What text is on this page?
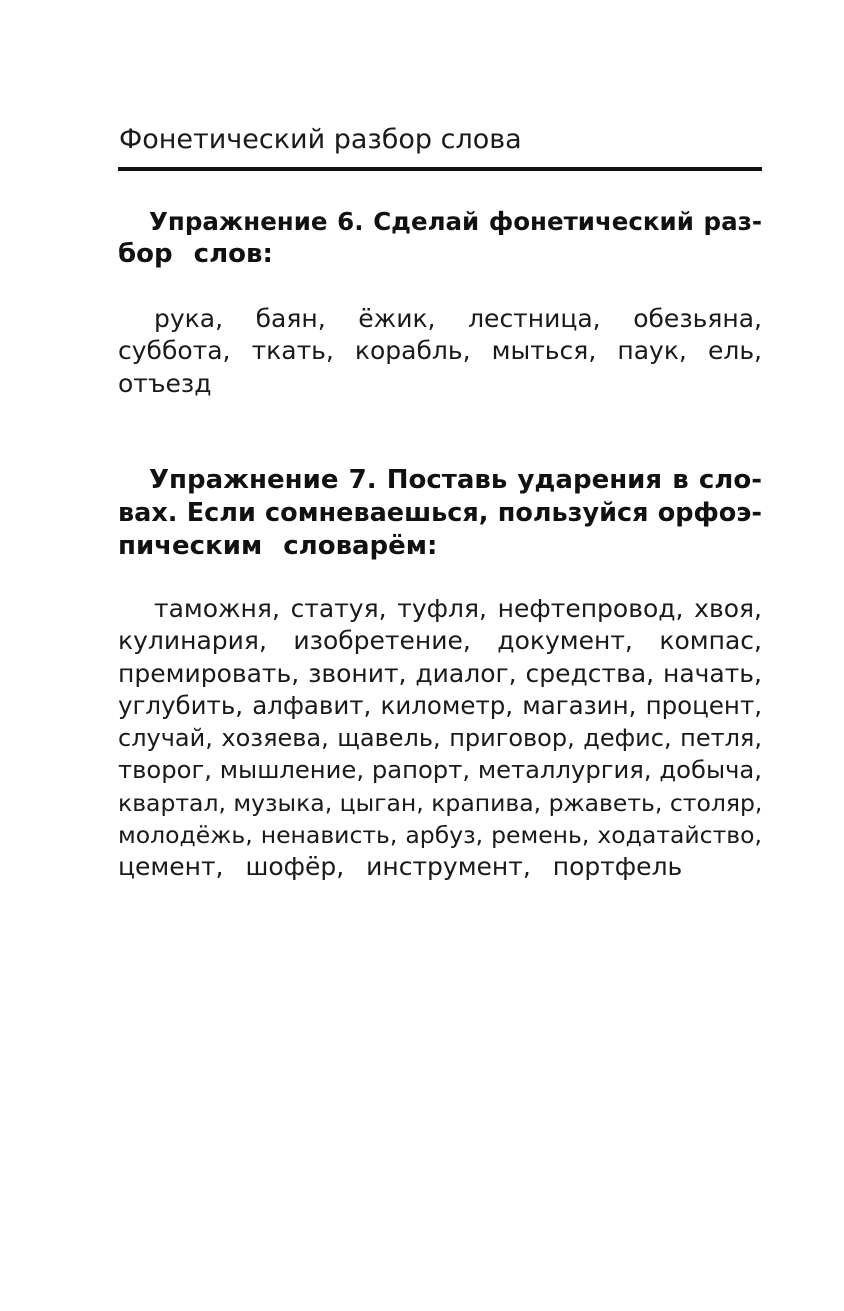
Фонетический разбор слова
Упражнение 6. Сделай фонетический раз-
бор слов:
рука, баян, ёжик, лестница, обезьяна,
суббота, ткать, корабль, мыться, паук, ель,
отъезд
Упражнение 7. Поставь ударения в сло-
вах. Если сомневаешься, пользуйся орфоэ-
пическим словарём:
таможня, статуя, туфля, нефтепровод, хвоя,
кулинария, изобретение, документ, компас,
премировать, звонит, диалог, средства, начать,
углубить, алфавит, километр, магазин, процент,
случай, хозяева, щавель, приговор, дефис, петля,
творог, мышление, рапорт, металлургия, добыча,
квартал, музыка, цыган, крапива, ржаветь, столяр,
молодёжь, ненависть, арбуз, ремень, ходатайство,
цемент, шофёр, инструмент, портфель
